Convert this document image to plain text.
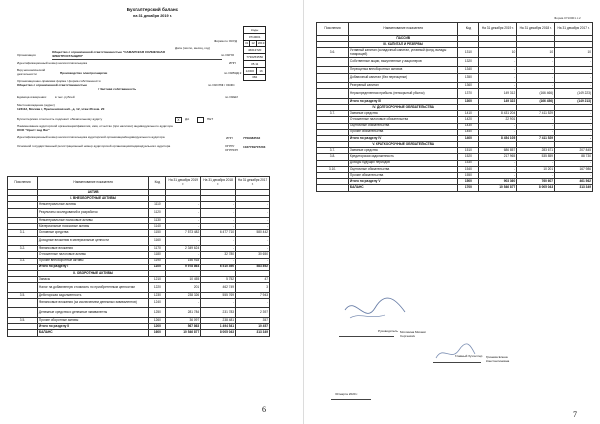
Бухгалтерский баланс
на 31 декабря 2019 г.
Коды		
0710001		
31	12	2019
46613720		
7730253550		
35.11		
12300		16
384		
Форма по ОКУД
Дата (число, месяц, год)
Организация
Общество с ограниченной ответственностью "САМАРСКАЯ СОЛНЕЧНАЯ ЭЛЕКТРОСТАНЦИЯ"	по ОКПО
Идентификационный номер налогоплательщика	ИНН
Вид экономической деятельности	Производство электроэнергии	по ОКВЭД 2
Организационно-правовая форма / форма собственности
Общество с ограниченной ответственностью
/ Частная собственность
по ОКОПФ / ОКФС
Единица измерения:	в тыс. рублей	по ОКЕИ
Местонахождение (адрес)
123112, Москва г, Пресненская наб., д. 12, этаж 36 ком. 20
Бухгалтерская отчетность подлежит обязательному аудиту	X	ДА	НЕТ
Наименование аудиторской организации/фамилия, имя, отчество (при наличии) индивидуального аудитора
ООО "Эрнст энд Янг"
Идентификационный номер налогоплательщика аудиторской организации/индивидуального аудитора	ИНН	7709383532
Основной государственный регистрационный номер аудиторской организации/индивидуального аудитора	ОГРН/ ОГРНИП
1027739707203
Пояснения	Наименование показателя	Код	На 31 декабря 2019 г.	На 31 декабря 2018 г.	На 31 декабря 2017 г.
	АКТИВ				
	I. ВНЕОБОРОТНЫЕ АКТИВЫ				
	Нематериальные активы	1110	-	-	-
	Результаты исследований и разработок	1120	-	-	-
	Нематериальные поисковые активы	1130	-	-	-
	Материальные поисковые активы	1140	-	-	-
3.1.	Основные средства	1150	7 573 482	6 477 710	580 442
	Доходные вложения в материальные ценности	1160	-	-	-
3.2.	Финансовые вложения	1170	2 349 624	-	-
	Отложенные налоговые активы	1180	-	32 780	30 650
3.3.	Прочие внеоборотные активы	1190	156 918	-	-
	Итого по разделу I	1100	9 978 864	6 510 490	583 892
	II. ОБОРОТНЫЕ АКТИВЫ				
	Запасы	1210	10 455	5 752	47
	Налог на добавленную стоимость по приобретенным ценностям	1220	201	462 749	3
3.5.	Дебиторская задолженность	1230	238 326	555 769	7 943
	Финансовые вложения (за исключением денежных эквивалентов)	1240	-	-	-
	Денежные средства и денежные эквиваленты	1250	281 784	231 783	2 397
3.5.	Прочие оборотные активы	1260	36 097	238 481	357
	Итого по разделу II	1200	567 863	1 494 541	10 457
	БАЛАНС	1600	10 546 877	8 005 043	313 349
6
Форма 0710001 с.2
Пояснения	Наименование показателя	Код	На 31 декабря 2019 г.	На 31 декабря 2018 г.	На 31 декабря 2017 г.
	ПАССИВ				
	III. КАПИТАЛ И РЕЗЕРВЫ				
3.6.	Уставный капитал (складочный капитал, уставный фонд, вклады товарищей)	1310	10	10	10
	Собственные акции, выкупленные у акционеров	1320	-	-	-
	Переоценка внеоборотных активов	1340	-	-	-
	Добавочный капитал (без переоценки)	1350	-	-	-
	Резервный капитал	1360	-	-	-
	Нераспределенная прибыль (непокрытый убыток)	1370	149 312	(166 466)	(149 223)
	Итого по разделу III	1300	149 322	(166 456)	(149 213)
	IV. ДОЛГОСРОЧНЫЕ ОБЯЗАТЕЛЬСТВА				
3.7.	Заемные средства	1410	8 431 204	7 411 529	-
	Отложенные налоговые обязательства	1420	22 901	-	-
	Оценочные обязательства	1430	-	-	-
	Прочие обязательства	1450	-	-	-
	Итого по разделу IV	1400	8 454 105	7 411 529	-
	V. КРАТКОСРОЧНЫЕ ОБЯЗАТЕЛЬСТВА				
3.7.	Заемные средства	1510	686 857	283 671	207 845
3.8.	Кредиторская задолженность	1520	217 965	535 859	88 730
	Доходы будущих периодов	1530	-	-	-
3.10.	Оценочные обязательства	1540	-	10 201	167 986
	Прочие обязательства	1550	-	-	-
	Итого по разделу V	1500	903 360	760 607	461 562
	БАЛАНС	1700	10 546 877	8 005 043	313 349
Руководитель Мотовина Михаил Сергеевич
Главный бухгалтер Гринева Елена Константиновна
30 марта 2020 г.
7
